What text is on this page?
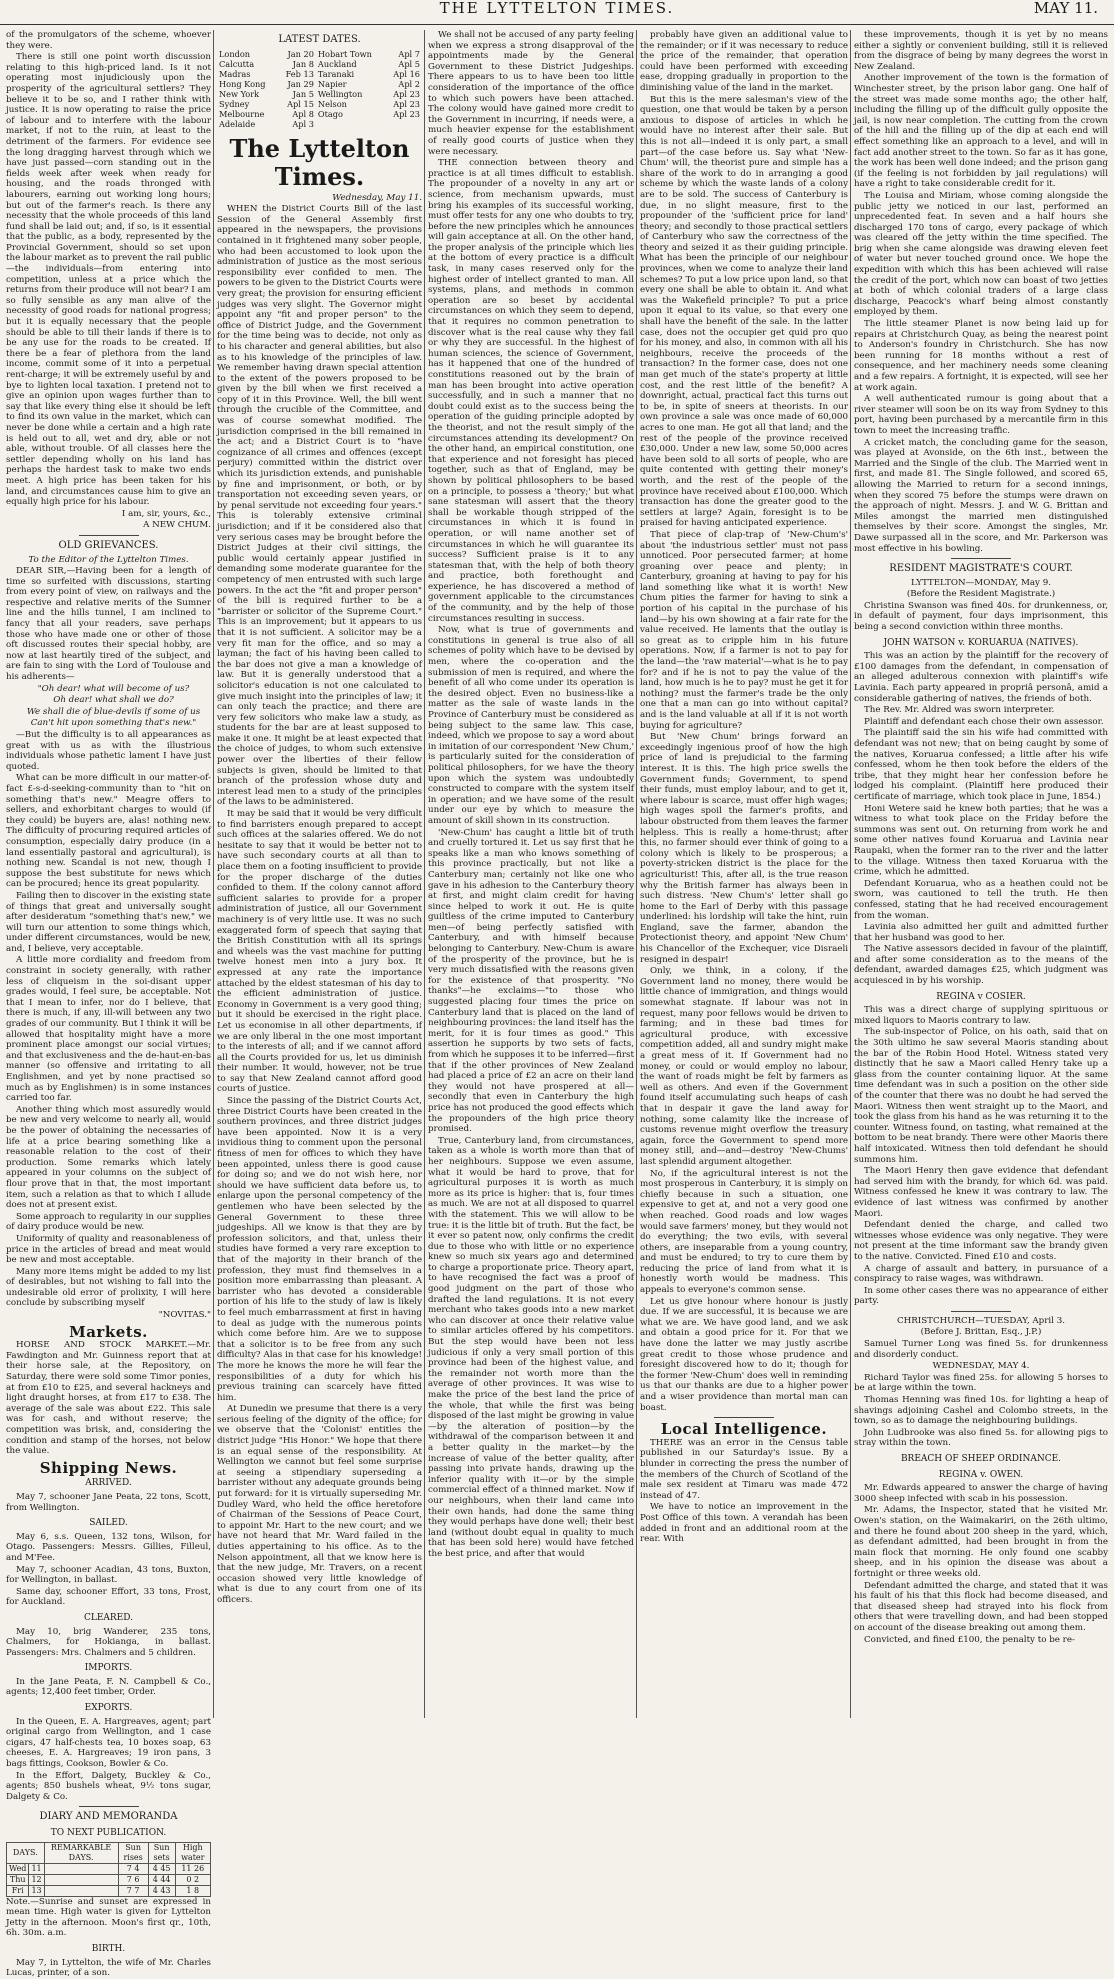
THE LYTTELTON TIMES.	MAY 11.

of the promulgators of the scheme, whoever they were.

There is still one point worth discussion relating to this high-priced land. Is it not operating most injudiciously upon the prosperity of the agricultural settlers? They believe it to be so, and I rather think with justice. It is now operating to raise the price of labour and to interfere with the labour market, if not to the ruin, at least to the detriment of the farmers. For evidence see the long dragging harvest through which we have just passed—corn standing out in the fields week after week when ready for housing, and the roads thronged with labourers, earning out working long hours; but out of the farmer's reach. Is there any necessity that the whole proceeds of this land fund shall be laid out; and, if so, is it essential that the public, as a body, represented by the Provincial Government, should so set upon the labour market as to prevent the rail public—the individuals—from entering into competition, unless at a price which the returns from their produce will not bear? I am so fully sensible as any man alive of the necessity of good roads for national progress; but it is equally necessary that the people should be able to till their lands if there is to be any use for the roads to be created. If there be a fear of plethora from the land income, commit some of it into a perpetual rent-charge; it will be extremely useful by and bye to lighten local taxation. I pretend not to give an opinion upon wages further than to say that like every thing else it should be left to find its own value in the market, which can never be done while a certain and a high rate is held out to all, wet and dry, able or not able, without trouble. Of all classes here the settler depending wholly on his land has perhaps the hardest task to make two ends meet. A high price has been taken for his land, and circumstances cause him to give an equally high price for his labour.

I am, sir, yours, &c.,

A NEW CHUM.

OLD GRIEVANCES.

To the Editor of the Lyttelton Times.

DEAR SIR,—Having been for a length of time so surfeited with discussions, starting from every point of view, on railways and the respective and relative merits of the Sumner line and the hills tunnel, I am inclined to fancy that all your readers, save perhaps those who have made one or other of those oft discussed routes their special hobby, are now at last heartily tired of the subject, and are fain to sing with the Lord of Toulouse and his adherents—

"Oh dear! what will become of us?

Oh dear! what shall we do?

We shall die of blue-devils if some of us

Can't hit upon something that's new."

—But the difficulty is to all appearances as great with us as with the illustrious individuals whose pathetic lament I have just quoted.

What can be more difficult in our matter-of-fact £-s-d-seeking-community than to "hit on something that's new." Meagre offers to sellers, and exhorbitant charges to would (if they could) be buyers are, alas! nothing new. The difficulty of procuring required articles of consumption, especially dairy produce (in a land essentially pastoral and agricultural), is nothing new. Scandal is not new, though I suppose the best substitute for news which can be procured; hence its great popularity.

Failing then to discover in the existing state of things that great and universally sought after desideratum "something that's new," we will turn our attention to some things which, under different circumstances, would be new, and, I believe, very acceptable.

A little more cordiality and freedom from constraint in society generally, with rather less of cliqueism in the soi-disant upper grades would, I feel sure, be acceptable. Not that I mean to infer, nor do I believe, that there is much, if any, ill-will between any two grades of our community. But I think it will be allowed that hospitality might have a more prominent place amongst our social virtues; and that exclusiveness and the de-haut-en-bas manner (so offensive and irritating to all Englishmen, and yet by none practised so much as by Englishmen) is in some instances carried too far.

Another thing which most assuredly would be new and very welcome to nearly all, would be the power of obtaining the necessaries of life at a price bearing something like a reasonable relation to the cost of their production. Some remarks which lately appeared in your columns on the subject of flour prove that in that, the most important item, such a relation as that to which I allude does not at present exist.

Some approach to regularity in our supplies of dairy produce would be new.

Uniformity of quality and reasonableness of price in the articles of bread and meat would be new and most acceptable.

Many more items might be added to my list of desirables, but not wishing to fall into the undesirable old error of prolixity, I will here conclude by subscribing myself

"NOVITAS."

Markets.

HORSE AND STOCK MARKET.—Mr. Fawdington and Mr. Guinness report that at their horse sale, at the Repository, on Saturday, there were sold some Timor ponies, at from £10 to £25, and several hackneys and light draught horses, at from £17 to £38. The average of the sale was about £22. This sale was for cash, and without reserve; the competition was brisk, and, considering the condition and stamp of the horses, not below the value.

Shipping News.
ARRIVED.

May 7, schooner Jane Peata, 22 tons, Scott, from Wellington.

SAILED.

May 6, s.s. Queen, 132 tons, Wilson, for Otago. Passengers: Messrs. Gillies, Filleul, and M'Fee.

May 7, schooner Acadian, 43 tons, Buxton, for Wellington, in ballast.

Same day, schooner Effort, 33 tons, Frost, for Auckland.

CLEARED.

May 10, brig Wanderer, 235 tons, Chalmers, for Hokianga, in ballast. Passengers: Mrs. Chalmers and 5 children.

IMPORTS.

In the Jane Peata, F. N. Campbell & Co., agents; 12,400 feet timber, Order.

EXPORTS.

In the Queen, E. A. Hargreaves, agent; part original cargo from Wellington, and 1 case cigars, 47 half-chests tea, 10 boxes soap, 63 cheeses, E. A. Hargreaves; 19 iron pans, 3 bags fittings, Cookson, Bowler & Co.

In the Effort, Dalgety, Buckley & Co., agents; 850 bushels wheat, 9½ tons sugar, Dalgety & Co.

DIARY AND MEMORANDA
TO NEXT PUBLICATION.
DAYS.		REMARKABLE DAYS.	Sun rises	Sun sets	High water
Wed	11		7 4	4 45	11 26
Thu	12		7 6	4 44	0 2
Fri	13		7 7	4 43	1 8

Note.—Sunrise and sunset are expressed in mean time. High water is given for Lyttelton Jetty in the afternoon. Moon's first qr., 10th, 6h. 30m. a.m.

BIRTH.

May 7, in Lyttelton, the wife of Mr. Charles Lucas, printer, of a son.

LATEST DATES.
London	Jan 20	Hobart Town	Apl 7
Calcutta	Jan 8	Auckland	Apl 5
Madras	Feb 13	Taranaki	Apl 16
Hong Kong	Jan 29	Napier	Apl 2
New York	Jan 5	Wellington	Apl 23
Sydney	Apl 15	Nelson	Apl 23
Melbourne	Apl 8	Otago	Apl 23
Adelaide	Apl 3		
The Lyttelton Times.

Wednesday, May 11.

WHEN the District Courts Bill of the last Session of the General Assembly first appeared in the newspapers, the provisions contained in it frightened many sober people, who had been accustomed to look upon the administration of justice as the most serious responsibility ever confided to men. The powers to be given to the District Courts were very great; the provision for ensuring efficient judges was very slight. The Governor might appoint any "fit and proper person" to the office of District Judge, and the Government for the time being was to decide, not only as to his character and general abilities, but also as to his knowledge of the principles of law. We remember having drawn special attention to the extent of the powers proposed to be given by the bill when we first received a copy of it in this Province. Well, the bill went through the crucible of the Committee, and was of course somewhat modified. The jurisdiction comprised in the bill remained in the act; and a District Court is to "have cognizance of all crimes and offences (except perjury) committed within the district over which its jurisdiction extends, and punishable by fine and imprisonment, or both, or by transportation not exceeding seven years, or by penal servitude not exceeding four years." This is tolerably extensive criminal jurisdiction; and if it be considered also that very serious cases may be brought before the District Judges at their civil sittings, the public would certainly appear justified in demanding some moderate guarantee for the competency of men entrusted with such large powers. In the act the "fit and proper person" of the bill is required further to be a "barrister or solicitor of the Supreme Court." This is an improvement; but it appears to us that it is not sufficient. A solicitor may be a very fit man for the office, and so may a layman; the fact of his having been called to the bar does not give a man a knowledge of law. But it is generally understood that a solicitor's education is not one calculated to give much insight into the principles of law; it can only teach the practice; and there are very few solicitors who make law a study, as students for the bar are at least supposed to make it one. It might be at least expected that the choice of judges, to whom such extensive power over the liberties of their fellow subjects is given, should be limited to that branch of the profession whose duty and interest lead men to a study of the principles of the laws to be administered.

It may be said that it would be very difficult to find barristers enough prepared to accept such offices at the salaries offered. We do not hesitate to say that it would be better not to have such secondary courts at all than to place them on a footing insufficient to provide for the proper discharge of the duties confided to them. If the colony cannot afford sufficient salaries to provide for a proper administration of justice, all our Government machinery is of very little use. It was no such exaggerated form of speech that saying that the British Constitution with all its springs and wheels was the vast machine for putting twelve honest men into a jury box. It expressed at any rate the importance attached by the eldest statesman of his day to the efficient administration of justice. Economy in Government is a very good thing; but it should be exercised in the right place. Let us economise in all other departments, if we are only liberal in the one most important to the interests of all; and if we cannot afford all the Courts provided for us, let us diminish their number. It would, however, not be true to say that New Zealand cannot afford good courts of justice.

Since the passing of the District Courts Act, three District Courts have been created in the southern provinces, and three district judges have been appointed. Now it is a very invidious thing to comment upon the personal fitness of men for offices to which they have been appointed, unless there is good cause for doing so; and we do not wish here, nor should we have sufficient data before us, to enlarge upon the personal competency of the gentlemen who have been selected by the General Government to these three judgeships. All we know is that they are by profession solicitors, and that, unless their studies have formed a very rare exception to that of the majority in their branch of the profession, they must find themselves in a position more embarrassing than pleasant. A barrister who has devoted a considerable portion of his life to the study of law is likely to feel much embarrassment at first in having to deal as judge with the numerous points which come before him. Are we to suppose that a solicitor is to be free from any such difficulty? Alas in that case for his knowledge! The more he knows the more he will fear the responsibilities of a duty for which his previous training can scarcely have fitted him.

At Dunedin we presume that there is a very serious feeling of the dignity of the office; for we observe that the 'Colonist' entitles the district judge "His Honor." We hope that there is an equal sense of the responsibility. At Wellington we cannot but feel some surprise at seeing a stipendiary superseding a barrister without any adequate grounds being put forward: for it is virtually superseding Mr. Dudley Ward, who held the office heretofore of Chairman of the Sessions of Peace Court, to appoint Mr. Hart to the new court; and we have not heard that Mr. Ward failed in the duties appertaining to his office. As to the Nelson appointment, all that we know here is that the new judge, Mr. Travers, on a recent occasion showed very little knowledge of what is due to any court from one of its officers.

We shall not be accused of any party feeling when we express a strong disapproval of the appointments made by the General Government to these District Judgeships. There appears to us to have been too little consideration of the importance of the office to which such powers have been attached. The colony would have gained more credit to the Government in incurring, if needs were, a much heavier expense for the establishment of really good courts of justice when they were necessary.

THE connection between theory and practice is at all times difficult to establish. The propounder of a novelty in any art or science, from mechanism upwards, must bring his examples of its successful working, must offer tests for any one who doubts to try, before the new principles which he announces will gain acceptance at all. On the other hand, the proper analysis of the principle which lies at the bottom of every practice is a difficult task, in many cases reserved only for the highest order of intellect granted to man. All systems, plans, and methods in common operation are so beset by accidental circumstances on which they seem to depend, that it requires no common penetration to discover what is the real cause why they fail or why they are successful. In the highest of human sciences, the science of Government, has it happened that one of the hundred of constitutions reasoned out by the brain of man has been brought into active operation successfully, and in such a manner that no doubt could exist as to the success being the operation of the guiding principle adopted by the theorist, and not the result simply of the circumstances attending its development? On the other hand, an empirical constitution, one that experience and not foresight has pieced together, such as that of England, may be shown by political philosophers to be based on a principle, to possess a 'theory;' but what sane statesman will assert that the theory shall be workable though stripped of the circumstances in which it is found in operation, or will name another set of circumstances in which he will guarantee its success? Sufficient praise is it to any statesman that, with the help of both theory and practice, both forethought and experience, he has discovered a method of government applicable to the circumstances of the community, and by the help of those circumstances resulting in success.

Now, what is true of governments and constitutions in general is true also of all schemes of polity which have to be devised by men, where the co-operation and the submission of men is required, and where the benefit of all who come under its operation is the desired object. Even no business-like a matter as the sale of waste lands in the Province of Canterbury must be considered as being subject to the same law. This case, indeed, which we propose to say a word about in imitation of our correspondent 'New Chum,' is particularly suited for the consideration of political philosophers, for we have the theory upon which the system was undoubtedly constructed to compare with the system itself in operation; and we have some of the result under our eye by which to measure the amount of skill shown in its construction.

'New-Chum' has caught a little bit of truth and cruelly tortured it. Let us say first that he speaks like a man who knows something of this province practically, but not like a Canterbury man; certainly not like one who gave in his adhesion to the Canterbury theory at first, and might claim credit for having since helped to work it out. He is quite guiltless of the crime imputed to Canterbury men—of being perfectly satisfied with Canterbury, and with himself because belonging to Canterbury. New-Chum is aware of the prosperity of the province, but he is very much dissatisfied with the reasons given for the existence of that prosperity. "No thanks"—he exclaims—"to those who suggested placing four times the price on Canterbury land that is placed on the land of neighbouring provinces: the land itself has the merit, for it is four times as good." This assertion he supports by two sets of facts, from which he supposes it to be inferred—first that if the other provinces of New Zealand had placed a price of £2 an acre on their land they would not have prospered at all—secondly that even in Canterbury the high price has not produced the good effects which the propounders of the high price theory promised.

True, Canterbury land, from circumstances, taken as a whole is worth more than that of her neighbours. Suppose we even assume, what it would be hard to prove, that for agricultural purposes it is worth as much more as its price is higher: that is, four times as much. We are not at all disposed to quarrel with the statement. This we will allow to be true: it is the little bit of truth. But the fact, be it ever so patent now, only confirms the credit due to those who with little or no experience knew so much six years ago and determined to charge a proportionate price. Theory apart, to have recognised the fact was a proof of good judgment on the part of those who drafted the land regulations. It is not every merchant who takes goods into a new market who can discover at once their relative value to similar articles offered by his competitors. But the step would have been not less judicious if only a very small portion of this province had been of the highest value, and the remainder not worth more than the average of other provinces. It was wise to make the price of the best land the price of the whole, that while the first was being disposed of the last might be growing in value—by the alteration of position—by the withdrawal of the comparison between it and a better quality in the market—by the increase of value of the better quality, after passing into private hands, drawing up the inferior quality with it—or by the simple commercial effect of a thinned market. Now if our neighbours, when their land came into their own hands, had done the same thing they would perhaps have done well; their best land (without doubt equal in quality to much that has been sold here) would have fetched the best price, and after that would

probably have given an additional value to the remainder; or if it was necessary to reduce the price of the remainder, that operation could have been performed with exceeding ease, dropping gradually in proportion to the diminishing value of the land in the market.

But this is the mere salesman's view of the question, one that would be taken by a person anxious to dispose of articles in which he would have no interest after their sale. But this is not all—indeed it is only part, a small part—of the case before us. Say what 'New-Chum' will, the theorist pure and simple has a share of the work to do in arranging a good scheme by which the waste lands of a colony are to be sold. The success of Canterbury is due, in no slight measure, first to the propounder of the 'sufficient price for land' theory; and secondly to those practical settlers of Canterbury who saw the correctness of the theory and seized it as their guiding principle. What has been the principle of our neighbour provinces, when we come to analyze their land schemes? To put a low price upon land, so that every one shall be able to obtain it. And what was the Wakefield principle? To put a price upon it equal to its value, so that every one shall have the benefit of the sale. In the latter case, does not the occupier get quid pro quo for his money, and also, in common with all his neighbours, receive the proceeds of the transaction? In the former case, does not one man get much of the state's property at little cost, and the rest little of the benefit? A downright, actual, practical fact this turns out to be, in spite of sneers at theorists. In our own province a sale was once made of 60,000 acres to one man. He got all that land; and the rest of the people of the province received £30,000. Under a new law, some 50,000 acres have been sold to all sorts of people, who are quite contented with getting their money's worth, and the rest of the people of the province have received about £100,000. Which transaction has done the greater good to the settlers at large? Again, foresight is to be praised for having anticipated experience.

That piece of clap-trap of 'New-Chum's' about 'the industrious settler' must not pass unnoticed. Poor persecuted farmer; at home groaning over peace and plenty; in Canterbury, groaning at having to pay for his land something like what it is worth! New Chum pities the farmer for having to sink a portion of his capital in the purchase of his land—by his own showing at a fair rate for the value received. He laments that the outlay is so great as to cripple him in his future operations. Now, if a farmer is not to pay for the land—the 'raw material'—what is he to pay for? and if he is not to pay the value of the land, how much is he to pay? must he get it for nothing? must the farmer's trade be the only one that a man can go into without capital? and is the land valuable at all if it is not worth buying for agriculture?

But 'New Chum' brings forward an exceedingly ingenious proof of how the high price of land is prejudicial to the farming interest. It is this. The high price swells the Government funds; Government, to spend their funds, must employ labour, and to get it, where labour is scarce, must offer high wages; high wages spoil the farmer's profits, and labour obstructed from them leaves the farmer helpless. This is really a home-thrust; after this, no farmer should ever think of going to a colony which is likely to be prosperous; a poverty-stricken district is the place for the agriculturist! This, after all, is the true reason why the British farmer has always been in such distress. 'New Chum's' letter shall go home to the Earl of Derby with this passage underlined: his lordship will take the hint, ruin England, save the farmer, abandon the Protectionist theory, and appoint 'New Chum' his Chancellor of the Exchequer, vice Disraeli resigned in despair!

Only, we think, in a colony, if the Government land no money, there would be little chance of immigration, and things would somewhat stagnate. If labour was not in request, many poor fellows would be driven to farming; and in these bad times for agricultural produce, with excessive competition added, all and sundry might make a great mess of it. If Government had no money, or could or would employ no labour, the want of roads might be felt by farmers as well as others. And even if the Government found itself accumulating such heaps of cash that in despair it gave the land away for nothing, some calamity like the increase of customs revenue might overflow the treasury again, force the Government to spend more money still, and—and—destroy 'New-Chums' last splendid argument altogether.

No, if the agricultural interest is not the most prosperous in Canterbury, it is simply on chiefly because in such a situation, one expensive to get at, and not a very good one when reached. Good roads and low wages would save farmers' money, but they would not do everything; the two evils, with several others, are inseparable from a young country, and must be endured; to try to cure them by reducing the price of land from what it is honestly worth would be madness. This appeals to everyone's common sense.

Let us give honour where honour is justly due. If we are successful, it is because we are what we are. We have good land, and we ask and obtain a good price for it. For that we have done the latter we may justly ascribe great credit to those whose prudence and foresight discovered how to do it; though for the former 'New-Chum' does well in reminding us that our thanks are due to a higher power and a wiser providence than mortal man can boast.

Local Intelligence.

THERE was an error in the Census table published in our Saturday's issue. By a blunder in correcting the press the number of the members of the Church of Scotland of the male sex resident at Timaru was made 472 instead of 47.

We have to notice an improvement in the Post Office of this town. A verandah has been added in front and an additional room at the rear. With

these improvements, though it is yet by no means either a sightly or convenient building, still it is relieved from the disgrace of being by many degrees the worst in New Zealand.

Another improvement of the town is the formation of Winchester street, by the prison labor gang. One half of the street was made some months ago; the other half, including the filling up of the difficult gully opposite the jail, is now near completion. The cutting from the crown of the hill and the filling up of the dip at each end will effect something like an approach to a level, and will in fact add another street to the town. So far as it has gone, the work has been well done indeed; and the prison gang (if the feeling is not forbidden by jail regulations) will have a right to take considerable credit for it.

The Louisa and Miriam, whose coming alongside the public jetty we noticed in our last, performed an unprecedented feat. In seven and a half hours she discharged 170 tons of cargo, every package of which was cleared off the jetty within the time specified. The brig when she came alongside was drawing eleven feet of water but never touched ground once. We hope the expedition with which this has been achieved will raise the credit of the port, which now can boast of two jetties at both of which colonial traders of a large class discharge, Peacock's wharf being almost constantly employed by them.

The little steamer Planet is now being laid up for repairs at Christchurch Quay, as being the nearest point to Anderson's foundry in Christchurch. She has now been running for 18 months without a rest of consequence, and her machinery needs some cleaning and a few repairs. A fortnight, it is expected, will see her at work again.

A well authenticated rumour is going about that a river steamer will soon be on its way from Sydney to this port, having been purchased by a mercantile firm in this town to meet the increasing traffic.

A cricket match, the concluding game for the season, was played at Avonside, on the 6th inst., between the Married and the Single of the club. The Married went in first, and made 81. The Single followed, and scored 65, allowing the Married to return for a second innings, when they scored 75 before the stumps were drawn on the approach of night. Messrs. J. and W. G. Brittan and Miles amongst the married men distinguished themselves by their score. Amongst the singles, Mr. Dawe surpassed all in the score, and Mr. Parkerson was most effective in his bowling.

RESIDENT MAGISTRATE'S COURT.

LYTTELTON—MONDAY, May 9.

(Before the Resident Magistrate.)

Christina Swanson was fined 40s. for drunkenness, or, in default of payment, four days imprisonment, this being a second conviction within three months.

JOHN WATSON v. KORUARUA (NATIVES).

This was an action by the plaintiff for the recovery of £100 damages from the defendant, in compensation of an alleged adulterous connexion with plaintiff's wife Lavinia. Each party appeared in propriâ personâ, amid a considerable gathering of natives, the friends of both.

The Rev. Mr. Aldred was sworn interpreter.

Plaintiff and defendant each chose their own assessor.

The plaintiff said the sin his wife had committed with defendant was not new; that on being caught by some of the natives, Koruarua confessed; a little after his wife confessed, whom he then took before the elders of the tribe, that they might hear her confession before he lodged his complaint. (Plaintiff here produced their certificate of marriage, which took place in June, 1854.)

Honi Wetere said he knew both parties; that he was a witness to what took place on the Friday before the summons was sent out. On returning from work he and some other natives found Koruarua and Lavinia near Raupaki, when the former ran to the river and the latter to the village. Witness then taxed Koruarua with the crime, which he admitted.

Defendant Koruarua, who as a heathen could not be sworn, was cautioned to tell the truth. He then confessed, stating that he had received encouragement from the woman.

Lavinia also admitted her guilt and admitted further that her husband was good to her.

The Native assessors decided in favour of the plaintiff, and after some consideration as to the means of the defendant, awarded damages £25, which judgment was acquiesced in by his worship.

REGINA v COSIER.

This was a direct charge of supplying spirituous or mixed liquors to Maoris contrary to law.

The sub-inspector of Police, on his oath, said that on the 30th ultimo he saw several Maoris standing about the bar of the Robin Hood Hotel. Witness stated very distinctly that he saw a Maori called Henry take up a glass from the counter containing liquor. At the same time defendant was in such a position on the other side of the counter that there was no doubt he had served the Maori. Witness then went straight up to the Maori, and took the glass from his hand as he was returning it to the counter. Witness found, on tasting, what remained at the bottom to be neat brandy. There were other Maoris there half intoxicated. Witness then told defendant he should summons him.

The Maori Henry then gave evidence that defendant had served him with the brandy, for which 6d. was paid. Witness confessed he knew it was contrary to law. The evidence of last witness was confirmed by another Maori.

Defendant denied the charge, and called two witnesses whose evidence was only negative. They were not present at the time informant saw the brandy given to the native. Convicted. Fined £10 and costs.

A charge of assault and battery, in pursuance of a conspiracy to raise wages, was withdrawn.

In some other cases there was no appearance of either party.

CHRISTCHURCH—TUESDAY, April 3.

(Before J. Brittan, Esq., J.P.)

Samuel Turner Long was fined 5s. for drunkenness and disorderly conduct.

WEDNESDAY, MAY 4.

Richard Taylor was fined 25s. for allowing 5 horses to be at large within the town.

Thomas Henning was fined 10s. for lighting a heap of shavings adjoining Cashel and Colombo streets, in the town, so as to damage the neighbouring buildings.

John Ludbrooke was also fined 5s. for allowing pigs to stray within the town.

BREACH OF SHEEP ORDINANCE.
REGINA v. OWEN.

Mr. Edwards appeared to answer the charge of having 3000 sheep infected with scab in his possession.

Mr. Adams, the Inspector, stated that he visited Mr. Owen's station, on the Waimakariri, on the 26th ultimo, and there he found about 200 sheep in the yard, which, as defendant admitted, had been brought in from the main flock that morning. He only found one scabby sheep, and in his opinion the disease was about a fortnight or three weeks old.

Defendant admitted the charge, and stated that it was his fault of his that this flock had become diseased, and that diseased sheep had strayed into his flock from others that were travelling down, and had been stopped on account of the disease breaking out among them.

Convicted, and fined £100, the penalty to be re-
